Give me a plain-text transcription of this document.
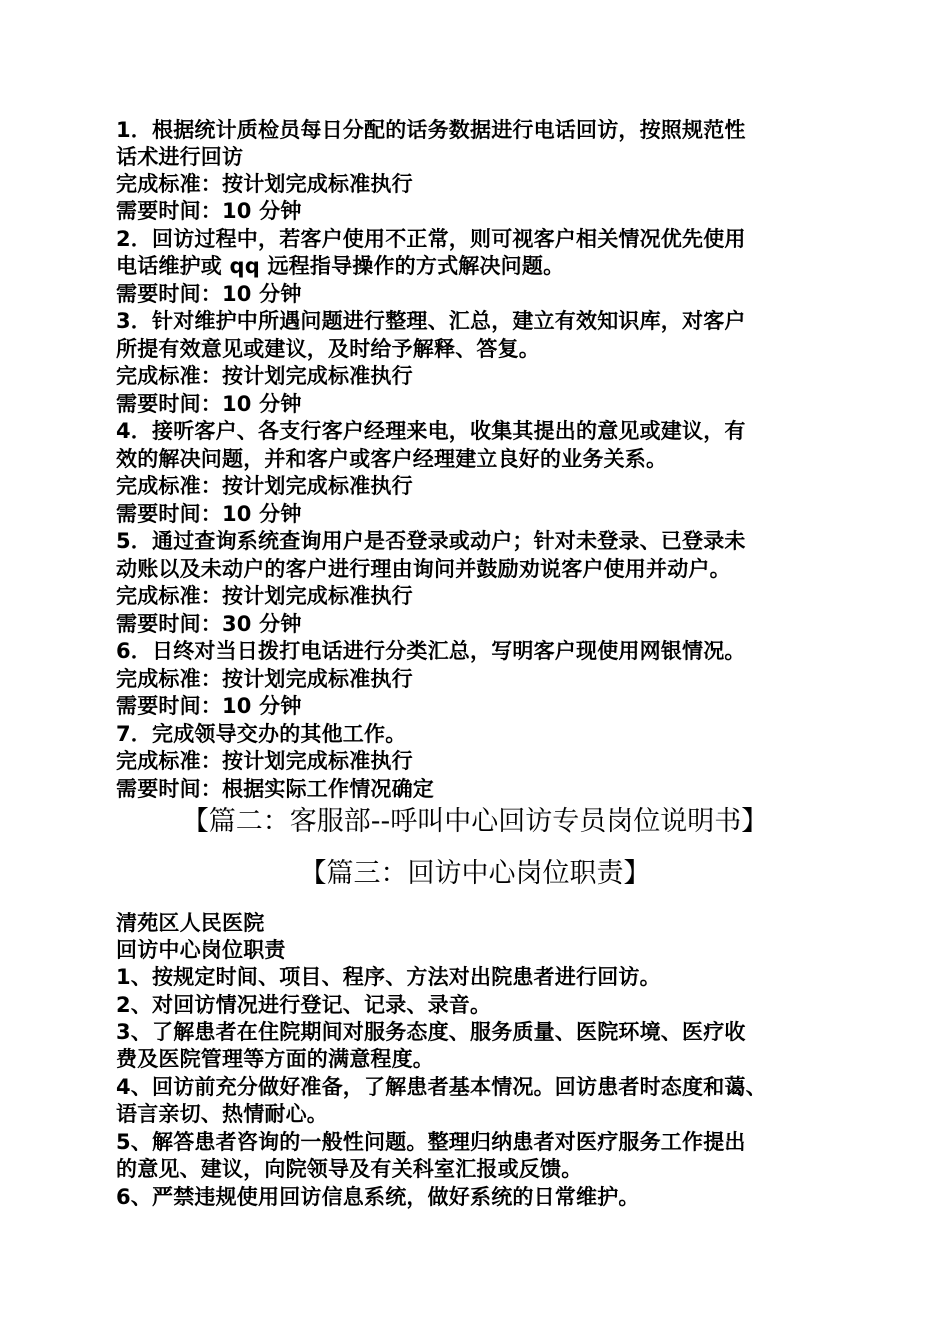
1．根据统计质检员每日分配的话务数据进行电话回访，按照规范性
话术进行回访
完成标准：按计划完成标准执行
需要时间：10 分钟
2．回访过程中，若客户使用不正常，则可视客户相关情况优先使用
电话维护或 qq 远程指导操作的方式解决问题。
需要时间：10 分钟
3．针对维护中所遇问题进行整理、汇总，建立有效知识库，对客户
所提有效意见或建议，及时给予解释、答复。
完成标准：按计划完成标准执行
需要时间：10 分钟
4．接听客户、各支行客户经理来电，收集其提出的意见或建议，有
效的解决问题，并和客户或客户经理建立良好的业务关系。
完成标准：按计划完成标准执行
需要时间：10 分钟
5．通过查询系统查询用户是否登录或动户；针对未登录、已登录未
动账以及未动户的客户进行理由询问并鼓励劝说客户使用并动户。
完成标准：按计划完成标准执行
需要时间：30 分钟
6．日终对当日拨打电话进行分类汇总，写明客户现使用网银情况。
完成标准：按计划完成标准执行
需要时间：10 分钟
7．完成领导交办的其他工作。
完成标准：按计划完成标准执行
需要时间：根据实际工作情况确定
【篇二：客服部--呼叫中心回访专员岗位说明书】
【篇三：回访中心岗位职责】
清苑区人民医院
回访中心岗位职责
1、按规定时间、项目、程序、方法对出院患者进行回访。
2、对回访情况进行登记、记录、录音。
3、了解患者在住院期间对服务态度、服务质量、医院环境、医疗收
费及医院管理等方面的满意程度。
4、回访前充分做好准备，了解患者基本情况。回访患者时态度和蔼、
语言亲切、热情耐心。
5、解答患者咨询的一般性问题。整理归纳患者对医疗服务工作提出
的意见、建议，向院领导及有关科室汇报或反馈。
6、严禁违规使用回访信息系统，做好系统的日常维护。
